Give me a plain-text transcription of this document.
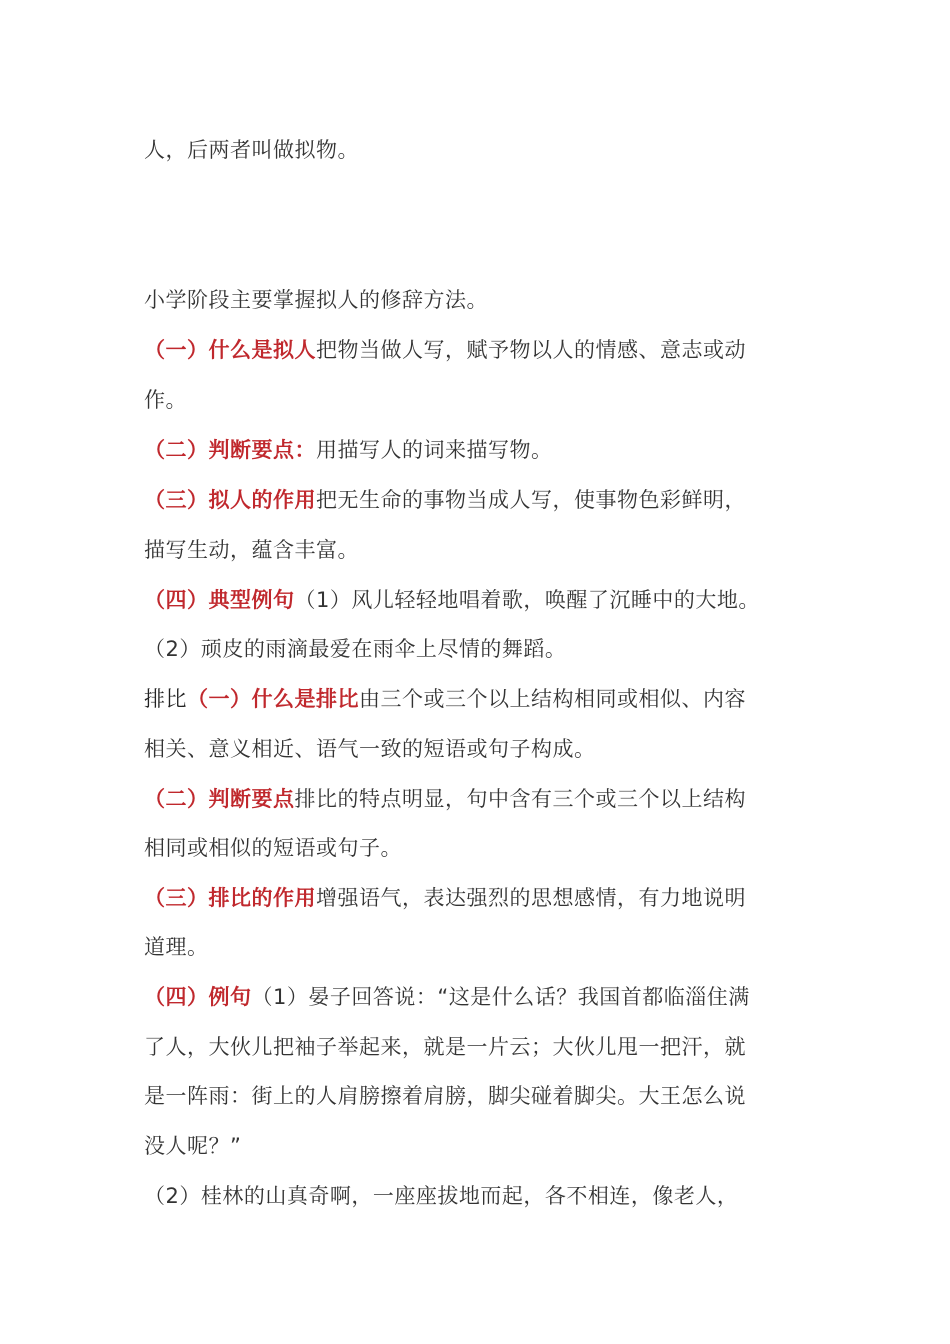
人，后两者叫做拟物。
小学阶段主要掌握拟人的修辞方法。
（一）什么是拟人把物当做人写，赋予物以人的情感、意志或动
作。
（二）判断要点：用描写人的词来描写物。
（三）拟人的作用把无生命的事物当成人写，使事物色彩鲜明，
描写生动，蕴含丰富。
（四）典型例句（1）风儿轻轻地唱着歌，唤醒了沉睡中的大地。
（2）顽皮的雨滴最爱在雨伞上尽情的舞蹈。
排比（一）什么是排比由三个或三个以上结构相同或相似、内容
相关、意义相近、语气一致的短语或句子构成。
（二）判断要点排比的特点明显，句中含有三个或三个以上结构
相同或相似的短语或句子。
（三）排比的作用增强语气，表达强烈的思想感情，有力地说明
道理。
（四）例句（1）晏子回答说：“这是什么话？我国首都临淄住满
了人，大伙儿把袖子举起来，就是一片云；大伙儿甩一把汗，就
是一阵雨：街上的人肩膀擦着肩膀，脚尖碰着脚尖。大王怎么说
没人呢？”
（2）桂林的山真奇啊，一座座拔地而起，各不相连，像老人，
